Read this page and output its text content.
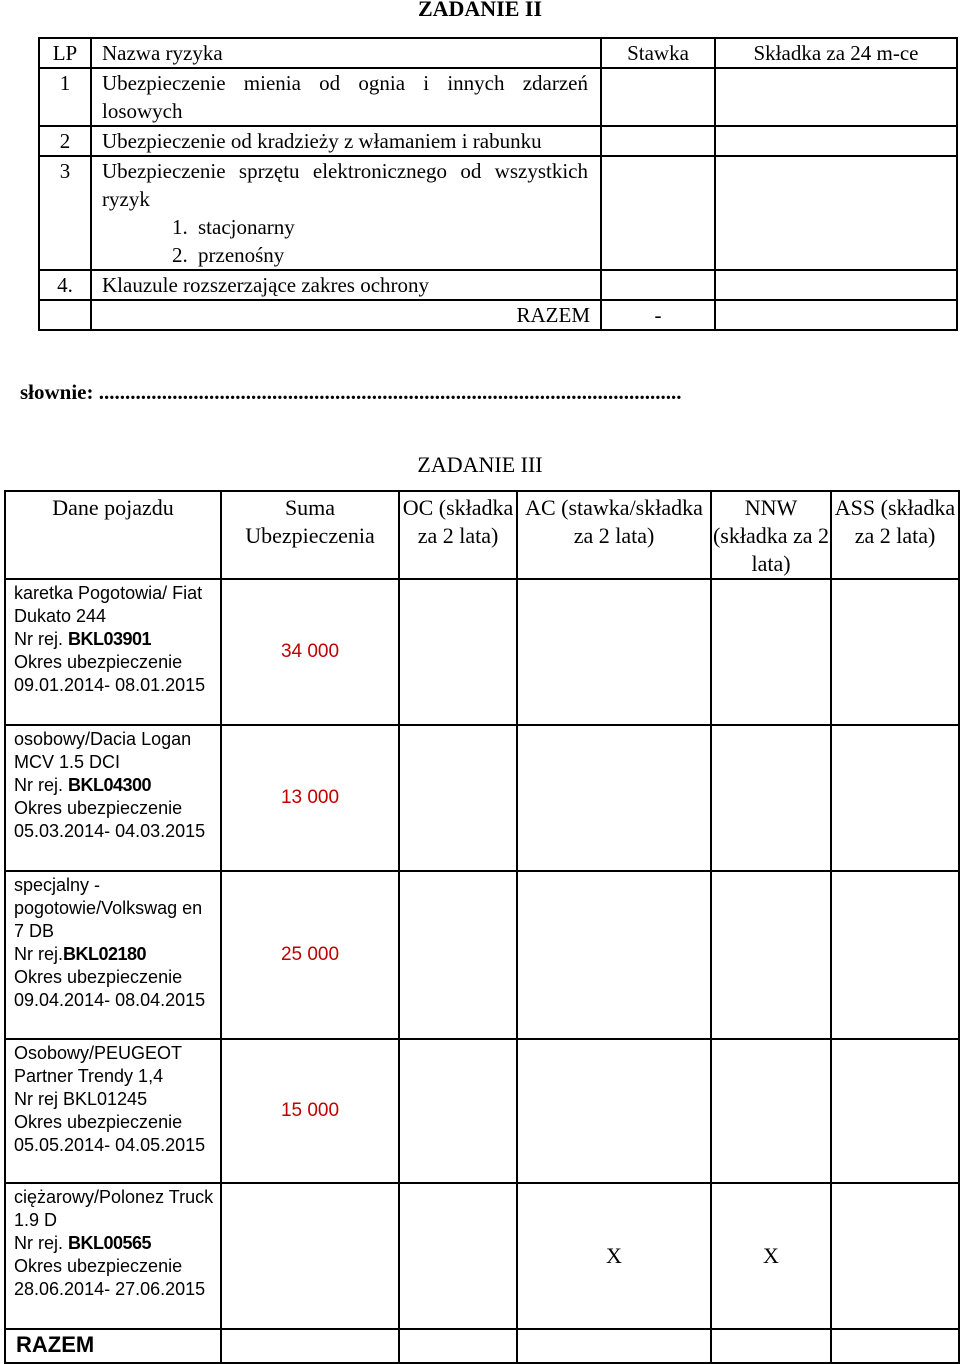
ZADANIE II
LP	Nazwa ryzyka	Stawka	Składka za 24 m-ce
1	Ubezpieczenie mienia od ognia i innych zdarzeń losowych		
2	Ubezpieczenie od kradzieży z włamaniem i rabunku		
3	Ubezpieczenie sprzętu elektronicznego od wszystkich ryzyk
1. stacjonarny
2. przenośny		

4.	Klauzule rozszerzające zakres ochrony		
	RAZEM	-	
słownie: ...............................................................................................................
ZADANIE III
Dane pojazdu	Suma Ubezpieczenia	OC (składka za 2 lata)	AC (stawka/składka za 2 lata)	NNW (składka za 2 lata)	ASS (składka za 2 lata)

karetka Pogotowia/ Fiat Dukato 244
Nr rej. BKL03901
Okres ubezpieczenie
09.01.2014- 08.01.2015	34 000				

osobowy/Dacia Logan MCV 1.5 DCI
Nr rej. BKL04300
Okres ubezpieczenie
05.03.2014- 04.03.2015	13 000				

specjalny -pogotowie/Volkswag en 7 DB
Nr rej.BKL02180
Okres ubezpieczenie
09.04.2014- 08.04.2015	25 000				

Osobowy/PEUGEOT Partner Trendy 1,4
Nr rej BKL01245
Okres ubezpieczenie
05.05.2014- 04.05.2015	15 000				

ciężarowy/Polonez Truck 1.9 D
Nr rej. BKL00565
Okres ubezpieczenie
28.06.2014- 27.06.2015			X	X	
RAZEM					
